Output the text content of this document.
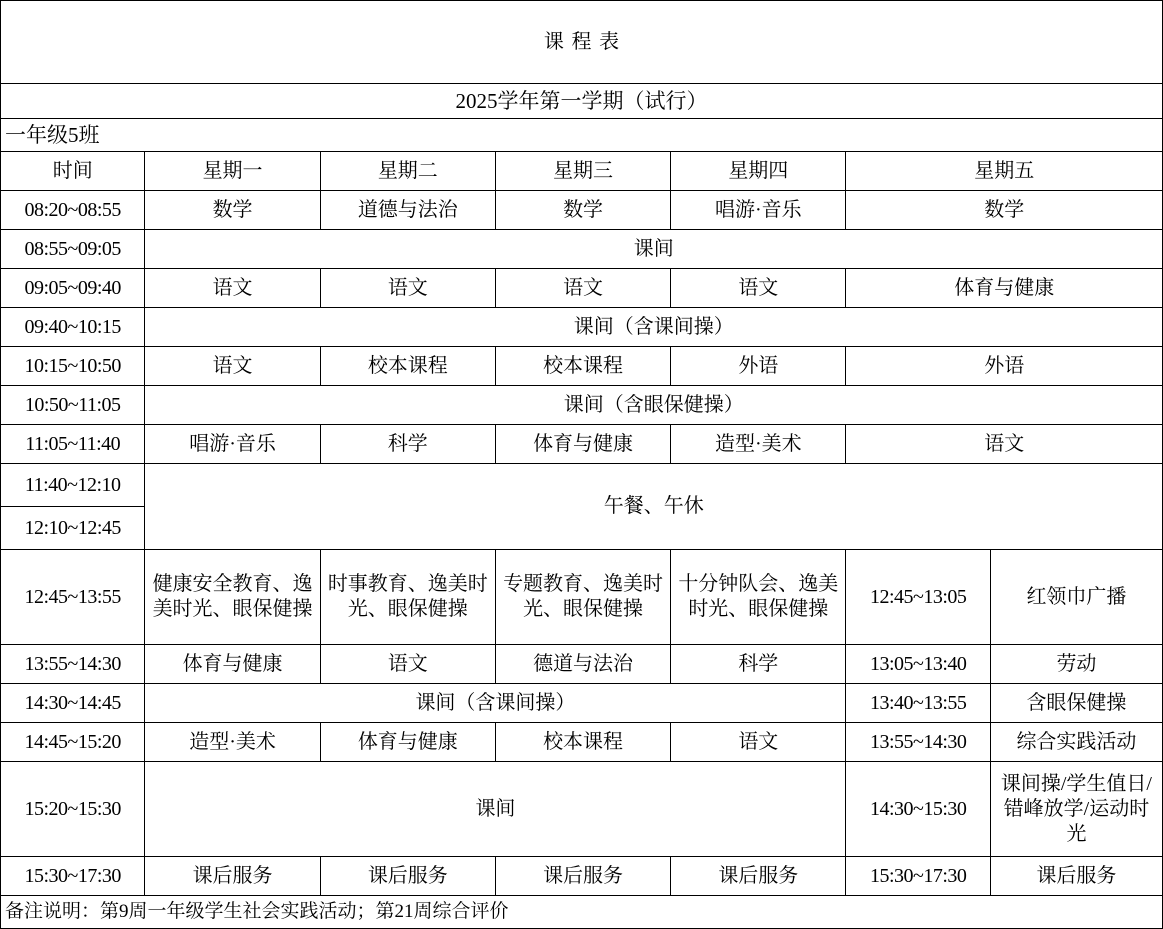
课程表						
2025学年第一学期（试行）						
一年级5班						
时间	星期一	星期二	星期三	星期四	星期五	
08:20~08:55	数学	道德与法治	数学	唱游·音乐	数学	
08:55~09:05	课间					
09:05~09:40	语文	语文	语文	语文	体育与健康	
09:40~10:15	课间（含课间操）					
10:15~10:50	语文	校本课程	校本课程	外语	外语	
10:50~11:05	课间（含眼保健操）					
11:05~11:40	唱游·音乐	科学	体育与健康	造型·美术	语文	
11:40~12:10	午餐、午休					
12:10~12:45						
12:45~13:55	健康安全教育、逸美时光、眼保健操	时事教育、逸美时光、眼保健操	专题教育、逸美时光、眼保健操	十分钟队会、逸美时光、眼保健操	12:45~13:05	红领巾广播
13:55~14:30	体育与健康	语文	德道与法治	科学	13:05~13:40	劳动
14:30~14:45	课间（含课间操）				13:40~13:55	含眼保健操
14:45~15:20	造型·美术	体育与健康	校本课程	语文	13:55~14:30	综合实践活动
15:20~15:30	课间				14:30~15:30	课间操/学生值日/错峰放学/运动时光
15:30~17:30	课后服务	课后服务	课后服务	课后服务	15:30~17:30	课后服务
备注说明：第9周一年级学生社会实践活动；第21周综合评价						
